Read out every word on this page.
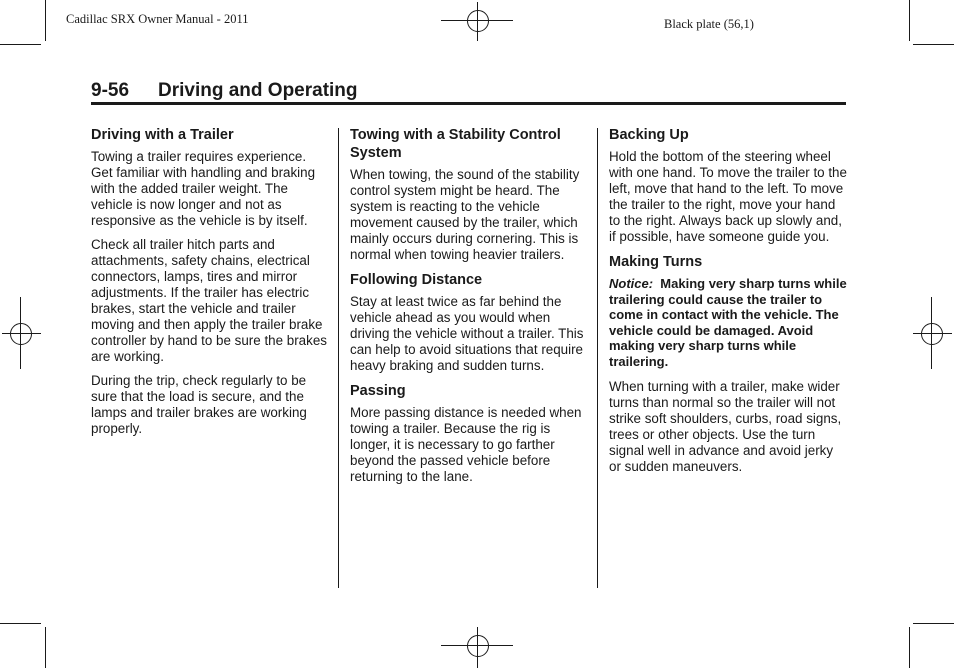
Cadillac SRX Owner Manual - 2011	Black plate (56,1)
9-56 Driving and Operating
Driving with a Trailer

Towing a trailer requires experience. Get familiar with handling and braking with the added trailer weight. The vehicle is now longer and not as responsive as the vehicle is by itself.

Check all trailer hitch parts and attachments, safety chains, electrical connectors, lamps, tires and mirror adjustments. If the trailer has electric brakes, start the vehicle and trailer moving and then apply the trailer brake controller by hand to be sure the brakes are working.

During the trip, check regularly to be sure that the load is secure, and the lamps and trailer brakes are working properly.

Towing with a Stability Control System

When towing, the sound of the stability control system might be heard. The system is reacting to the vehicle movement caused by the trailer, which mainly occurs during cornering. This is normal when towing heavier trailers.

Following Distance

Stay at least twice as far behind the vehicle ahead as you would when driving the vehicle without a trailer. This can help to avoid situations that require heavy braking and sudden turns.

Passing

More passing distance is needed when towing a trailer. Because the rig is longer, it is necessary to go farther beyond the passed vehicle before returning to the lane.

Backing Up

Hold the bottom of the steering wheel with one hand. To move the trailer to the left, move that hand to the left. To move the trailer to the right, move your hand to the right. Always back up slowly and, if possible, have someone guide you.

Making Turns

Notice: Making very sharp turns while trailering could cause the trailer to come in contact with the vehicle. The vehicle could be damaged. Avoid making very sharp turns while trailering.

When turning with a trailer, make wider turns than normal so the trailer will not strike soft shoulders, curbs, road signs, trees or other objects. Use the turn signal well in advance and avoid jerky or sudden maneuvers.
